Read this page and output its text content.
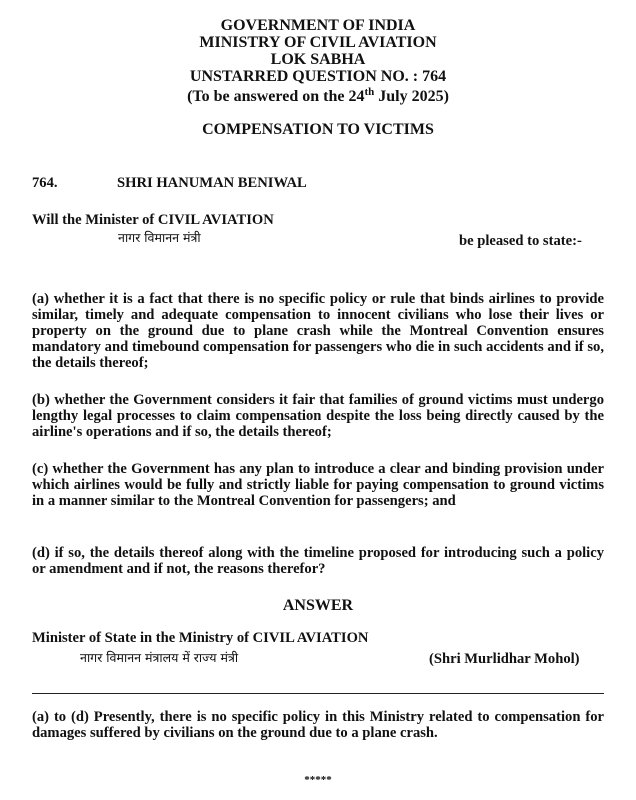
GOVERNMENT OF INDIA
MINISTRY OF CIVIL AVIATION
LOK SABHA
UNSTARRED QUESTION NO. : 764
(To be answered on the 24th July 2025)
COMPENSATION TO VICTIMS
764.	SHRI HANUMAN BENIWAL
Will the Minister of CIVIL AVIATION
नागर विमानन मंत्री	be pleased to state:-

(a) whether it is a fact that there is no specific policy or rule that binds airlines to provide similar, timely and adequate compensation to innocent civilians who lose their lives or property on the ground due to plane crash while the Montreal Convention ensures mandatory and timebound compensation for passengers who die in such accidents and if so, the details thereof;

(b) whether the Government considers it fair that families of ground victims must undergo lengthy legal processes to claim compensation despite the loss being directly caused by the airline's operations and if so, the details thereof;

(c) whether the Government has any plan to introduce a clear and binding provision under which airlines would be fully and strictly liable for paying compensation to ground victims in a manner similar to the Montreal Convention for passengers; and

(d) if so, the details thereof along with the timeline proposed for introducing such a policy or amendment and if not, the reasons therefor?

ANSWER
Minister of State in the Ministry of CIVIL AVIATION
नागर विमानन मंत्रालय में राज्य मंत्री	(Shri Murlidhar Mohol)

(a) to (d) Presently, there is no specific policy in this Ministry related to compensation for damages suffered by civilians on the ground due to a plane crash.

*****
